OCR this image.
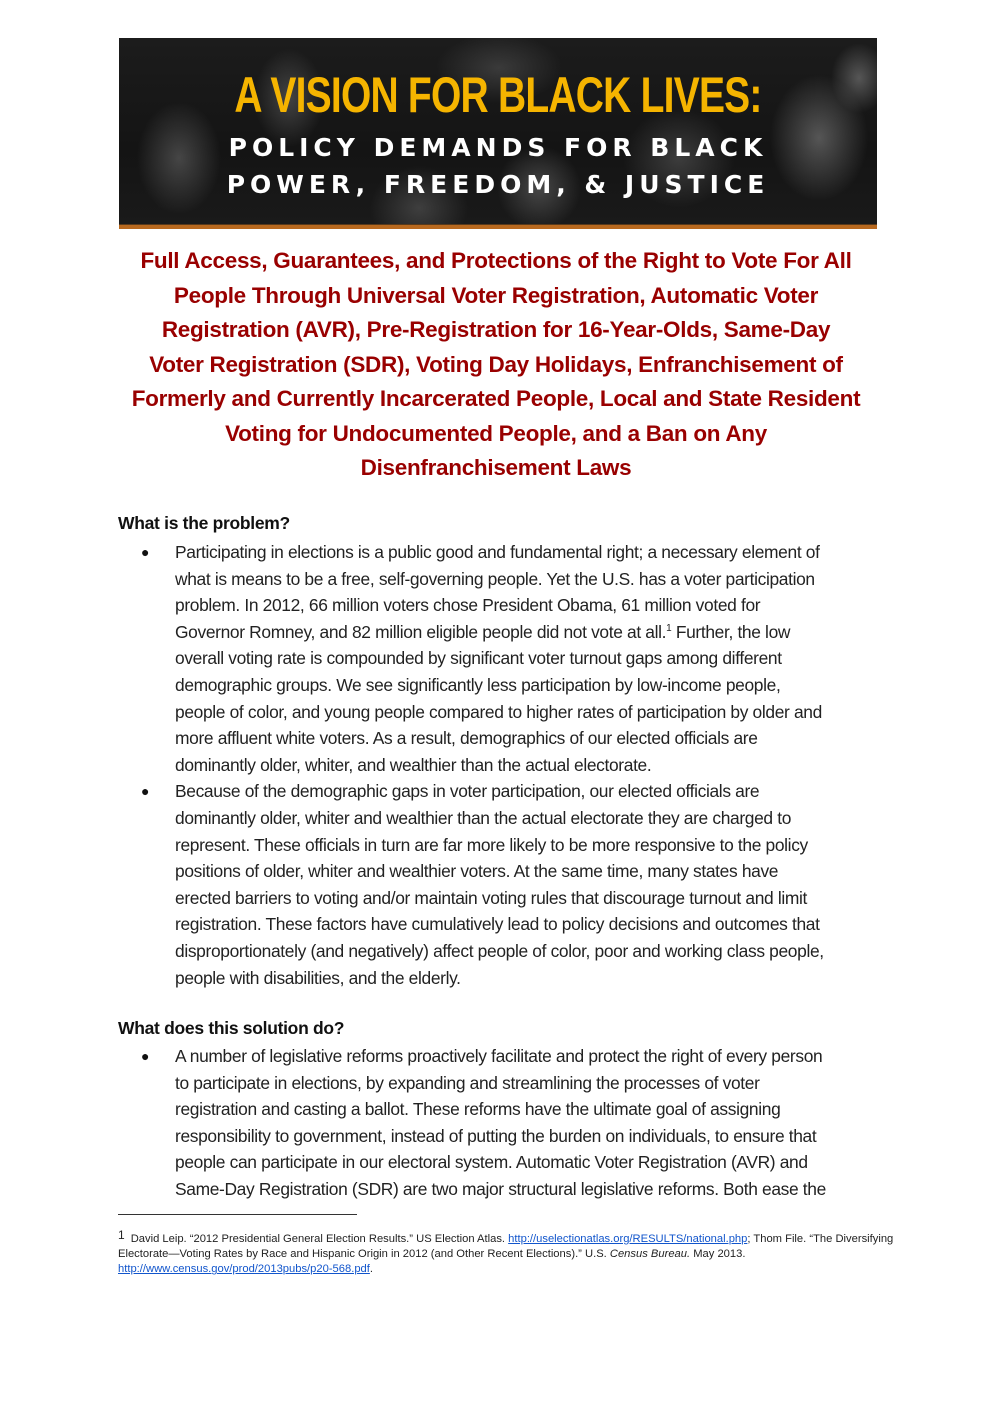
A VISION FOR BLACK LIVES:
POLICY DEMANDS FOR BLACK
POWER, FREEDOM, & JUSTICE
Full Access, Guarantees, and Protections of the Right to Vote For All
People Through Universal Voter Registration, Automatic Voter
Registration (AVR), Pre-Registration for 16-Year-Olds, Same-Day
Voter Registration (SDR), Voting Day Holidays, Enfranchisement of
Formerly and Currently Incarcerated People, Local and State Resident
Voting for Undocumented People, and a Ban on Any
Disenfranchisement Laws
What is the problem?
● Participating in elections is a public good and fundamental right; a necessary element of
what is means to be a free, self-governing people. Yet the U.S. has a voter participation
problem. In 2012, 66 million voters chose President Obama, 61 million voted for
Governor Romney, and 82 million eligible people did not vote at all.$^1$ Further, the low
overall voting rate is compounded by significant voter turnout gaps among different
demographic groups. We see significantly less participation by low-income people,
people of color, and young people compared to higher rates of participation by older and
more affluent white voters. As a result, demographics of our elected officials are
dominantly older, whiter, and wealthier than the actual electorate.
● Because of the demographic gaps in voter participation, our elected officials are
dominantly older, whiter and wealthier than the actual electorate they are charged to
represent. These officials in turn are far more likely to be more responsive to the policy
positions of older, whiter and wealthier voters. At the same time, many states have
erected barriers to voting and/or maintain voting rules that discourage turnout and limit
registration. These factors have cumulatively lead to policy decisions and outcomes that
disproportionately (and negatively) affect people of color, poor and working class people,
people with disabilities, and the elderly.
What does this solution do?
● A number of legislative reforms proactively facilitate and protect the right of every person
to participate in elections, by expanding and streamlining the processes of voter
registration and casting a ballot. These reforms have the ultimate goal of assigning
responsibility to government, instead of putting the burden on individuals, to ensure that
people can participate in our electoral system. Automatic Voter Registration (AVR) and
Same-Day Registration (SDR) are two major structural legislative reforms. Both ease the
1 David Leip. “2012 Presidential General Election Results.” US Election Atlas. http://uselectionatlas.org/RESULTS/national.php; Thom File. “The Diversifying
Electorate—Voting Rates by Race and Hispanic Origin in 2012 (and Other Recent Elections).” U.S. Census Bureau. May 2013.
http://www.census.gov/prod/2013pubs/p20-568.pdf.
